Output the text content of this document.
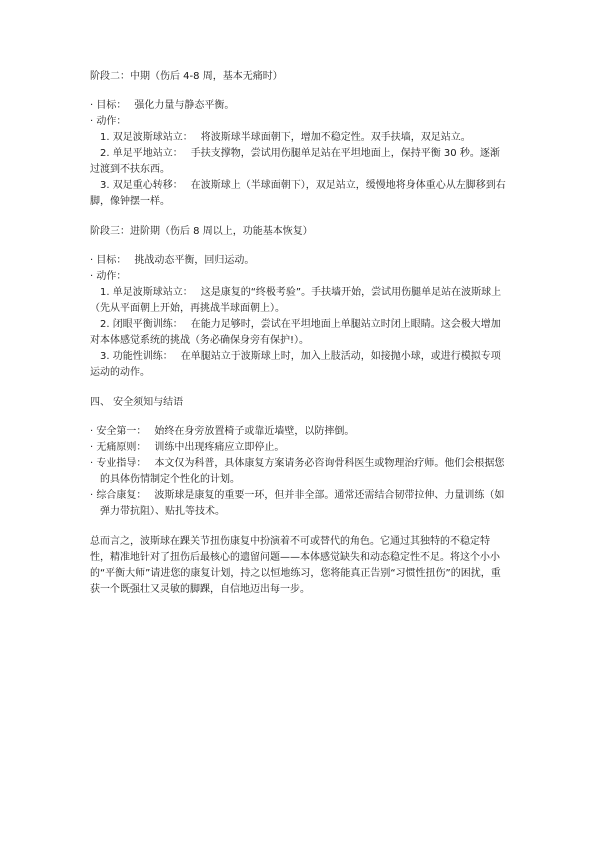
阶段二：中期（伤后 4-8 周，基本无痛时）

· 目标： 强化力量与静态平衡。

· 动作：

1. 双足波斯球站立： 将波斯球半球面朝下，增加不稳定性。双手扶墙，双足站立。

2. 单足平地站立： 手扶支撑物，尝试用伤腿单足站在平坦地面上，保持平衡 30 秒。逐渐过渡到不扶东西。

3. 双足重心转移： 在波斯球上（半球面朝下），双足站立，缓慢地将身体重心从左脚移到右脚，像钟摆一样。

阶段三：进阶期（伤后 8 周以上，功能基本恢复）

· 目标： 挑战动态平衡，回归运动。

· 动作：

1. 单足波斯球站立： 这是康复的“终极考验”。手扶墙开始，尝试用伤腿单足站在波斯球上（先从平面朝上开始，再挑战半球面朝上）。

2. 闭眼平衡训练： 在能力足够时，尝试在平坦地面上单腿站立时闭上眼睛。这会极大增加对本体感觉系统的挑战（务必确保身旁有保护!）。

3. 功能性训练： 在单腿站立于波斯球上时，加入上肢活动，如接抛小球，或进行模拟专项运动的动作。

四、 安全须知与结语

· 安全第一： 始终在身旁放置椅子或靠近墙壁，以防摔倒。

· 无痛原则： 训练中出现疼痛应立即停止。

· 专业指导： 本文仅为科普，具体康复方案请务必咨询骨科医生或物理治疗师。他们会根据您的具体伤情制定个性化的计划。

· 综合康复： 波斯球是康复的重要一环，但并非全部。通常还需结合韧带拉伸、力量训练（如弹力带抗阻）、贴扎等技术。

总而言之，波斯球在踝关节扭伤康复中扮演着不可或替代的角色。它通过其独特的不稳定特性，精准地针对了扭伤后最核心的遗留问题——本体感觉缺失和动态稳定性不足。将这个小小的“平衡大师”请进您的康复计划，持之以恒地练习，您将能真正告别“习惯性扭伤”的困扰，重获一个既强壮又灵敏的脚踝，自信地迈出每一步。
